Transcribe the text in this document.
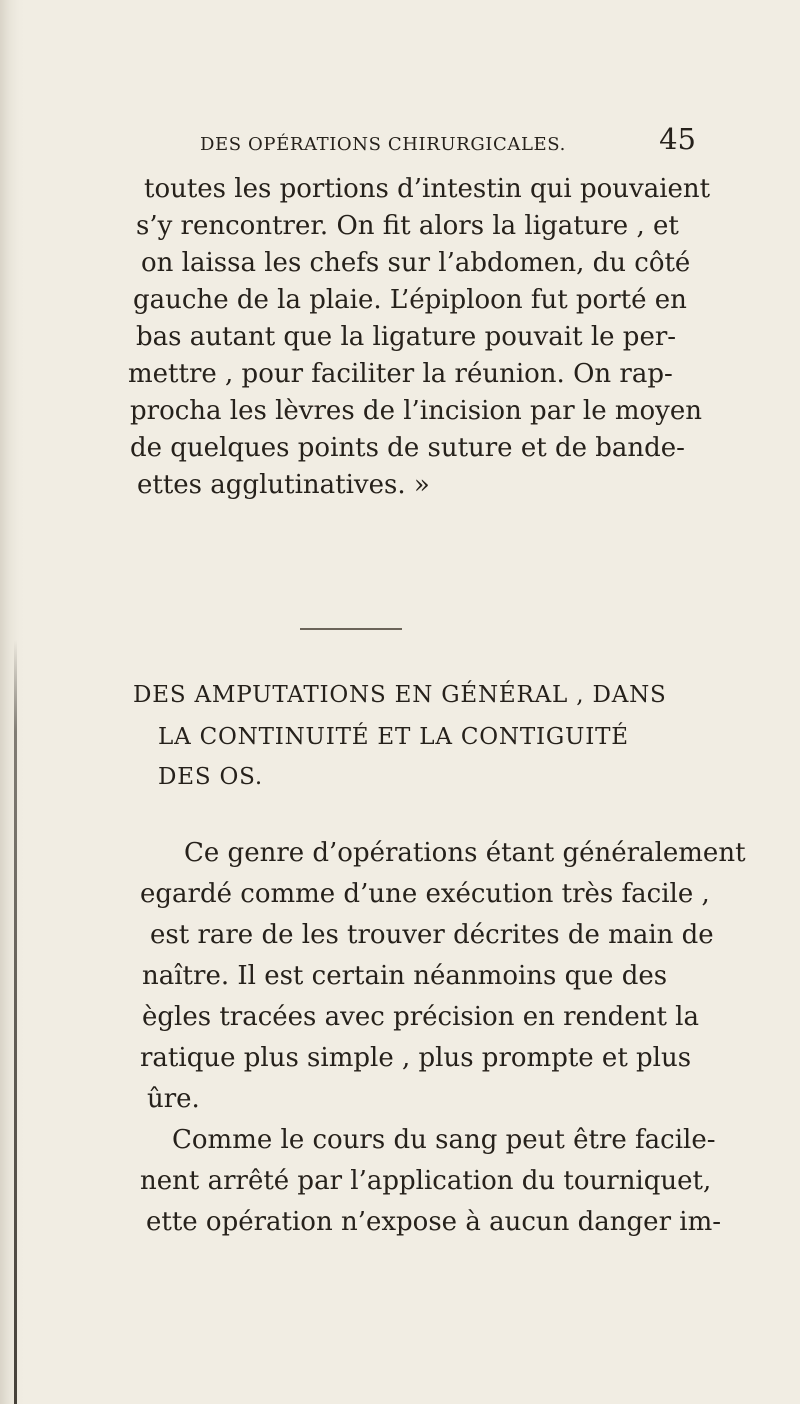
DES OPÉRATIONS CHIRURGICALES.	45
toutes les portions d’intestin qui pouvaient
s’y rencontrer. On fit alors la ligature , et
on laissa les chefs sur l’abdomen, du côté
gauche de la plaie. L’épiploon fut porté en
bas autant que la ligature pouvait le per-
mettre , pour faciliter la réunion. On rap-
procha les lèvres de l’incision par le moyen
de quelques points de suture et de bande-
ettes agglutinatives. »
DES AMPUTATIONS EN GÉNÉRAL , DANS
LA CONTINUITÉ ET LA CONTIGUITÉ
DES OS.
Ce genre d’opérations étant généralement
egardé comme d’une exécution très facile ,
est rare de les trouver décrites de main de
naître. Il est certain néanmoins que des
ègles tracées avec précision en rendent la
ratique plus simple , plus prompte et plus
ûre.
Comme le cours du sang peut être facile-
nent arrêté par l’application du tourniquet,
ette opération n’expose à aucun danger im-
